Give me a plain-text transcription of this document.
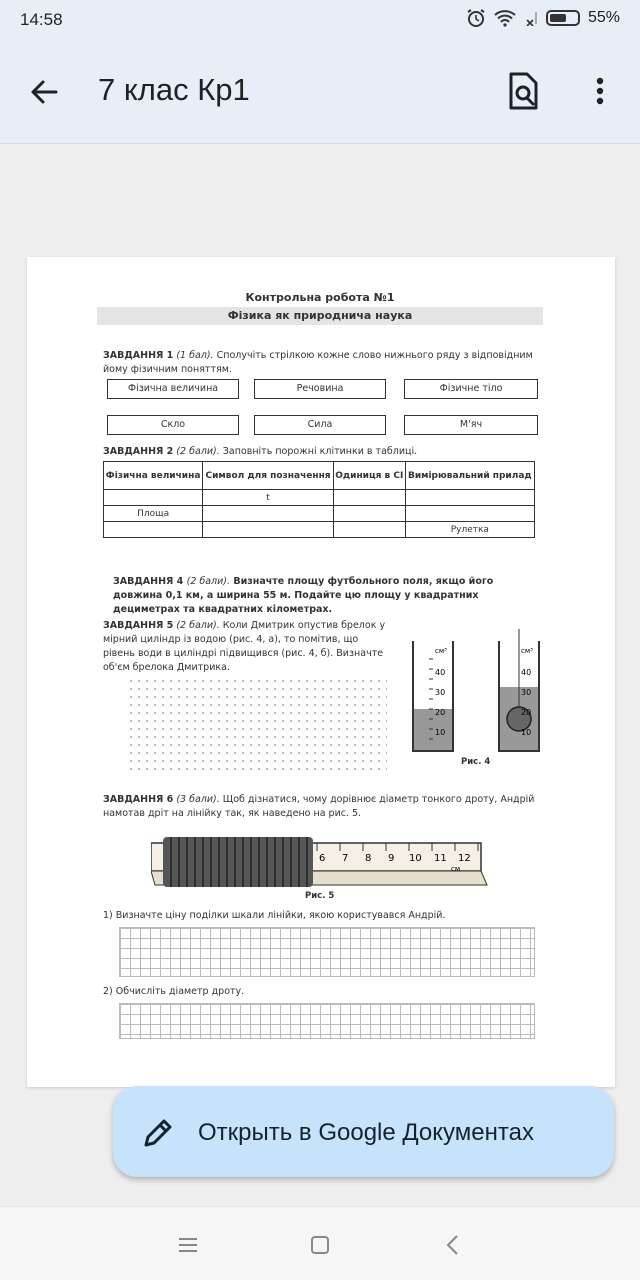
14:58	55%
7 клас Кр1
Контрольна робота №1
Фізика як природнича наука
ЗАВДАННЯ 1 (1 бал). Сполучіть стрілкою кожне слово нижнього ряду з відповідним йому фізичним поняттям.
Фізична величина	Речовина	Фізичне тіло
Скло	Сила	М'яч
ЗАВДАННЯ 2 (2 бали). Заповніть порожні клітинки в таблиці.
Фізична величина	Символ для позначення	Одиниця в СІ	Вимірювальний прилад
	t		
Площа			
			Рулетка
ЗАВДАННЯ 4 (2 бали). Визначте площу футбольного поля, якщо його довжина 0,1 км, а ширина 55 м. Подайте цю площу у квадратних дециметрах та квадратних кілометрах.
ЗАВДАННЯ 5 (2 бали). Коли Дмитрик опустив брелок у мірний циліндр із водою (рис. 4, а), то помітив, що рівень води в циліндрі підвищився (рис. 4, б). Визначте об'єм брелока Дмитрика.
см³
40
30
20
10
см³
40
30
20
10
Рис. 4
ЗАВДАННЯ 6 (3 бали). Щоб дізнатися, чому дорівнює діаметр тонкого дроту, Андрій намотав дріт на лінійку так, як наведено на рис. 5.
6 7 8 9 10 11 12
см
Рис. 5
1) Визначте ціну поділки шкали лінійки, якою користувався Андрій.
2) Обчисліть діаметр дроту.
Открыть в Google Документах
